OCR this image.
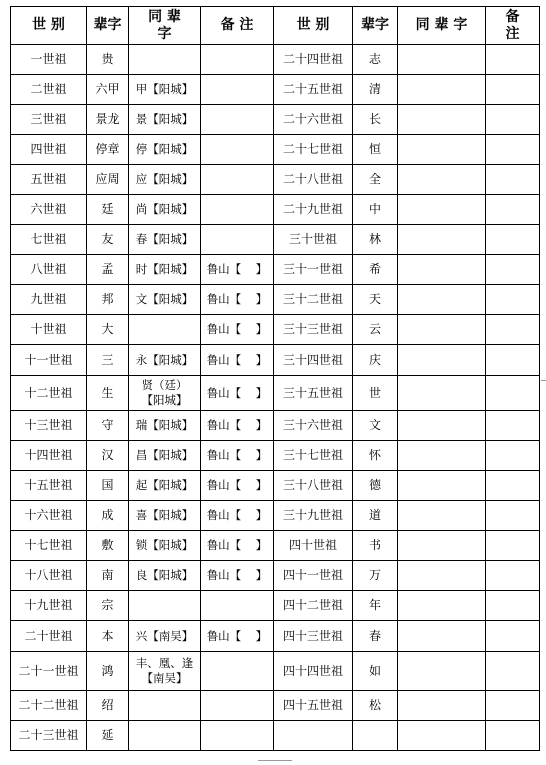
世 别	辈字	同 辈
字	备 注	世 别	辈字	同 辈 字	备
注
一世祖	贵			二十四世祖	志		
二世祖	六甲	甲【阳城】		二十五世祖	清		
三世祖	景龙	景【阳城】		二十六世祖	长		
四世祖	停章	停【阳城】		二十七世祖	恒		
五世祖	应周	应【阳城】		二十八世祖	全		
六世祖	廷	尚【阳城】		二十九世祖	中		
七世祖	友	春【阳城】		三十世祖	林		
八世祖	孟	时【阳城】	鲁山【    】	三十一世祖	希		
九世祖	邦	文【阳城】	鲁山【    】	三十二世祖	天		
十世祖	大		鲁山【    】	三十三世祖	云		
十一世祖	三	永【阳城】	鲁山【    】	三十四世祖	庆		
十二世祖	生	贤（廷）
【阳城】	鲁山【    】	三十五世祖	世		
十三世祖	守	瑞【阳城】	鲁山【    】	三十六世祖	文		
十四世祖	汉	昌【阳城】	鲁山【    】	三十七世祖	怀		
十五世祖	国	起【阳城】	鲁山【    】	三十八世祖	德		
十六世祖	成	喜【阳城】	鲁山【    】	三十九世祖	道		
十七世祖	敷	锁【阳城】	鲁山【    】	四十世祖	书		
十八世祖	南	良【阳城】	鲁山【    】	四十一世祖	万		
十九世祖	宗			四十二世祖	年		
二十世祖	本	兴【南吴】	鲁山【    】	四十三世祖	春		
二十一世祖	鸿	丰、凰、逢
【南吴】		四十四世祖	如		
二十二世祖	绍			四十五世祖	松		
二十三世祖	延						
